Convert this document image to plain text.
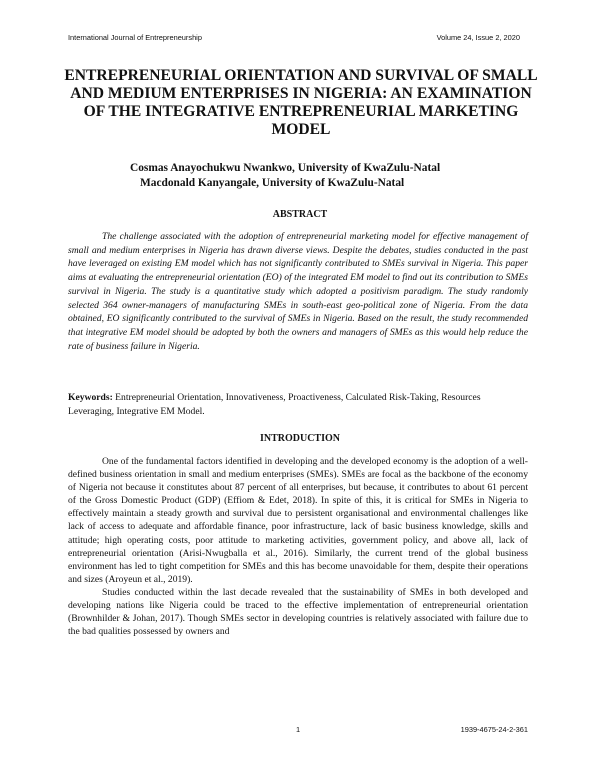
International Journal of Entrepreneurship	Volume 24, Issue 2, 2020
ENTREPRENEURIAL ORIENTATION AND SURVIVAL OF SMALL AND MEDIUM ENTERPRISES IN NIGERIA: AN EXAMINATION OF THE INTEGRATIVE ENTREPRENEURIAL MARKETING MODEL
Cosmas Anayochukwu Nwankwo, University of KwaZulu-Natal
Macdonald Kanyangale, University of KwaZulu-Natal
ABSTRACT

The challenge associated with the adoption of entrepreneurial marketing model for effective management of small and medium enterprises in Nigeria has drawn diverse views. Despite the debates, studies conducted in the past have leveraged on existing EM model which has not significantly contributed to SMEs survival in Nigeria. This paper aims at evaluating the entrepreneurial orientation (EO) of the integrated EM model to find out its contribution to SMEs survival in Nigeria. The study is a quantitative study which adopted a positivism paradigm. The study randomly selected 364 owner-managers of manufacturing SMEs in south-east geo-political zone of Nigeria. From the data obtained, EO significantly contributed to the survival of SMEs in Nigeria. Based on the result, the study recommended that integrative EM model should be adopted by both the owners and managers of SMEs as this would help reduce the rate of business failure in Nigeria.

Keywords: Entrepreneurial Orientation, Innovativeness, Proactiveness, Calculated Risk-Taking, Resources Leveraging, Integrative EM Model.

INTRODUCTION

One of the fundamental factors identified in developing and the developed economy is the adoption of a well-defined business orientation in small and medium enterprises (SMEs). SMEs are focal as the backbone of the economy of Nigeria not because it constitutes about 87 percent of all enterprises, but because, it contributes to about 61 percent of the Gross Domestic Product (GDP) (Effiom & Edet, 2018). In spite of this, it is critical for SMEs in Nigeria to effectively maintain a steady growth and survival due to persistent organisational and environmental challenges like lack of access to adequate and affordable finance, poor infrastructure, lack of basic business knowledge, skills and attitude; high operating costs, poor attitude to marketing activities, government policy, and above all, lack of entrepreneurial orientation (Arisi-Nwugballa et al., 2016). Similarly, the current trend of the global business environment has led to tight competition for SMEs and this has become unavoidable for them, despite their operations and sizes (Aroyeun et al., 2019).

Studies conducted within the last decade revealed that the sustainability of SMEs in both developed and developing nations like Nigeria could be traced to the effective implementation of entrepreneurial orientation (Brownhilder & Johan, 2017). Though SMEs sector in developing countries is relatively associated with failure due to the bad qualities possessed by owners and

1	1939-4675-24-2-361
